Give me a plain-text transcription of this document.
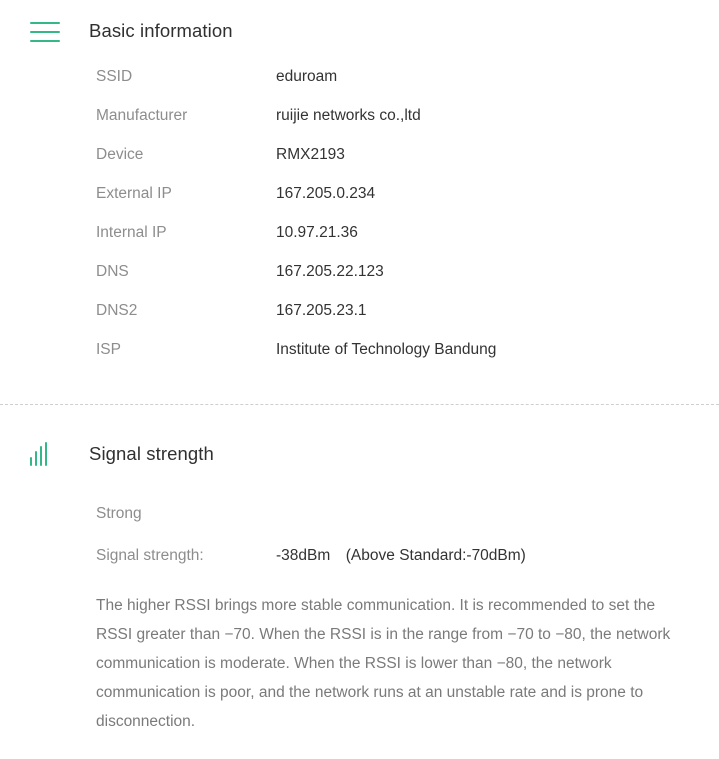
Basic information
SSID	eduroam
Manufacturer	ruijie networks co.,ltd
Device	RMX2193
External IP	167.205.0.234
Internal IP	10.97.21.36
DNS	167.205.22.123
DNS2	167.205.23.1
ISP	Institute of Technology Bandung
Signal strength
Strong
Signal strength:	-38dBm (Above Standard:-70dBm)
The higher RSSI brings more stable communication. It is recommended to set the RSSI greater than −70. When the RSSI is in the range from −70 to −80, the network communication is moderate. When the RSSI is lower than −80, the network communication is poor, and the network runs at an unstable rate and is prone to disconnection.
